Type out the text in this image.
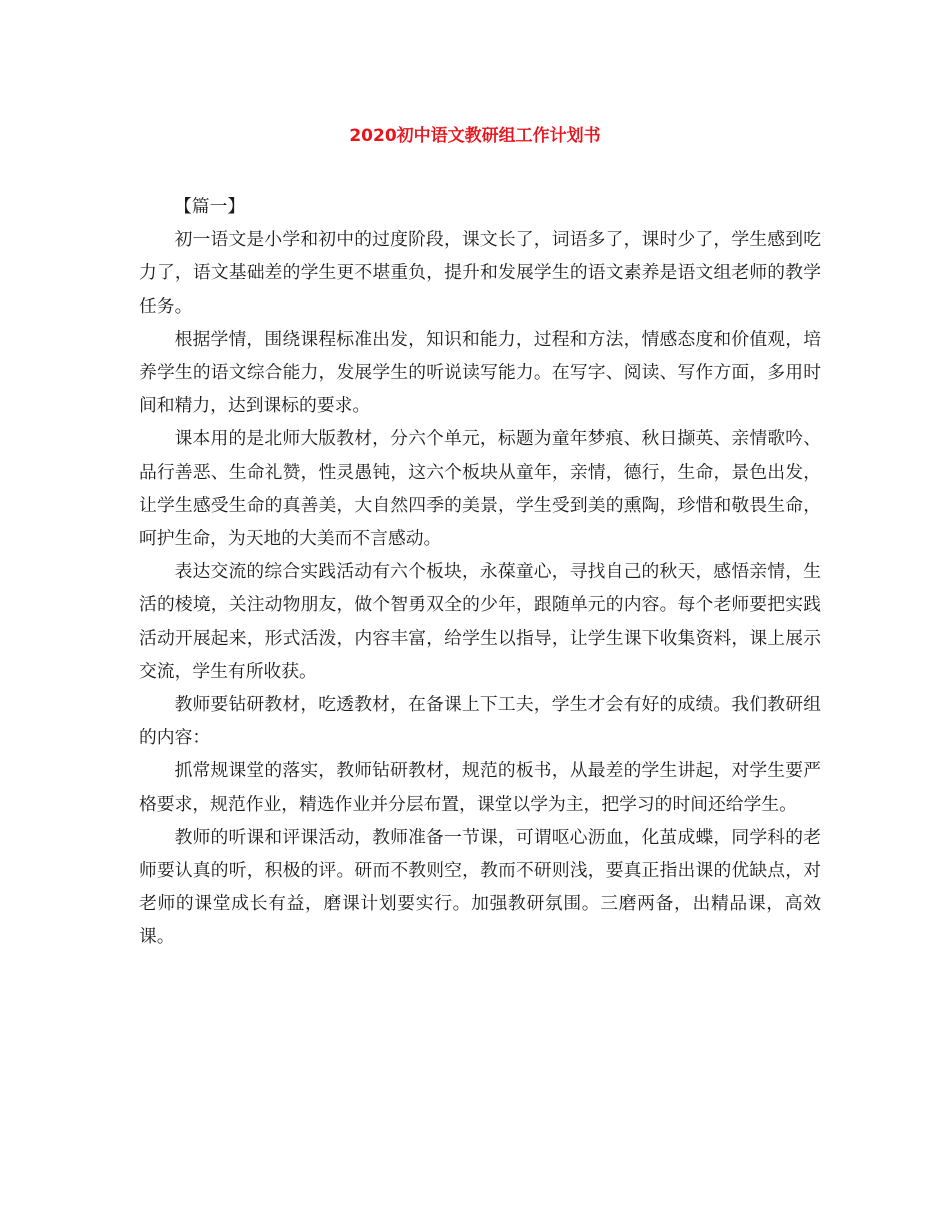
2020初中语文教研组工作计划书

【篇一】

初一语文是小学和初中的过度阶段，课文长了，词语多了，课时少了，学生感到吃力了，语文基础差的学生更不堪重负，提升和发展学生的语文素养是语文组老师的教学任务。

根据学情，围绕课程标准出发，知识和能力，过程和方法，情感态度和价值观，培养学生的语文综合能力，发展学生的听说读写能力。在写字、阅读、写作方面，多用时间和精力，达到课标的要求。

课本用的是北师大版教材，分六个单元，标题为童年梦痕、秋日撷英、亲情歌吟、品行善恶、生命礼赞，性灵愚钝，这六个板块从童年，亲情，德行，生命，景色出发，让学生感受生命的真善美，大自然四季的美景，学生受到美的熏陶，珍惜和敬畏生命，呵护生命，为天地的大美而不言感动。

表达交流的综合实践活动有六个板块，永葆童心，寻找自己的秋天，感悟亲情，生活的棱境，关注动物朋友，做个智勇双全的少年，跟随单元的内容。每个老师要把实践活动开展起来，形式活泼，内容丰富，给学生以指导，让学生课下收集资料，课上展示交流，学生有所收获。

教师要钻研教材，吃透教材，在备课上下工夫，学生才会有好的成绩。我们教研组的内容：

抓常规课堂的落实，教师钻研教材，规范的板书，从最差的学生讲起，对学生要严格要求，规范作业，精选作业并分层布置，课堂以学为主，把学习的时间还给学生。

教师的听课和评课活动，教师准备一节课，可谓呕心沥血，化茧成蝶，同学科的老师要认真的听，积极的评。研而不教则空，教而不研则浅，要真正指出课的优缺点，对老师的课堂成长有益，磨课计划要实行。加强教研氛围。三磨两备，出精品课，高效课。
